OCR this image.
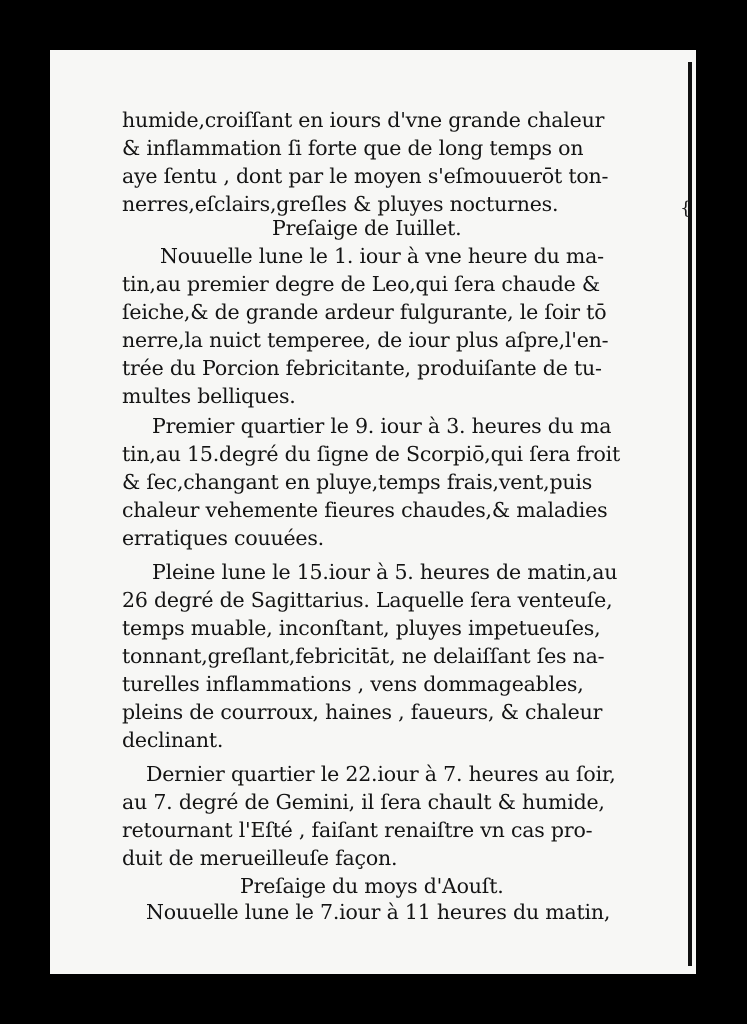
humide,croiſſant en iours d'vne grande chaleur
& inflammation ſi forte que de long temps on
aye ſentu , dont par le moyen s'eſmouuerōt ton-
nerres,eſclairs,greſles & pluyes nocturnes.
Preſaige de Iuillet.
Nouuelle lune le 1. iour à vne heure du ma-
tin,au premier degre de Leo,qui ſera chaude &
ſeiche,& de grande ardeur fulgurante, le ſoir tō
nerre,la nuict temperee, de iour plus aſpre,l'en-
trée du Porcion febricitante, produiſante de tu-
multes belliques.
Premier quartier le 9. iour à 3. heures du ma
tin,au 15.degré du ſigne de Scorpiō,qui ſera froit
& ſec,changant en pluye,temps frais,vent,puis
chaleur vehemente fieures chaudes,& maladies
erratiques couuées.
Pleine lune le 15.iour à 5. heures de matin,au
26 degré de Sagittarius. Laquelle ſera venteuſe,
temps muable, inconſtant, pluyes impetueuſes,
tonnant,greſlant,febricitāt, ne delaiſſant ſes na-
turelles inflammations , vens dommageables,
pleins de courroux, haines , faueurs, & chaleur
declinant.
Dernier quartier le 22.iour à 7. heures au ſoir,
au 7. degré de Gemini, il ſera chault & humide,
retournant l'Eſté , faiſant renaiſtre vn cas pro-
duit de merueilleuſe façon.
Preſaige du moys d'Aouſt.
Nouuelle lune le 7.iour à 11 heures du matin,
{
